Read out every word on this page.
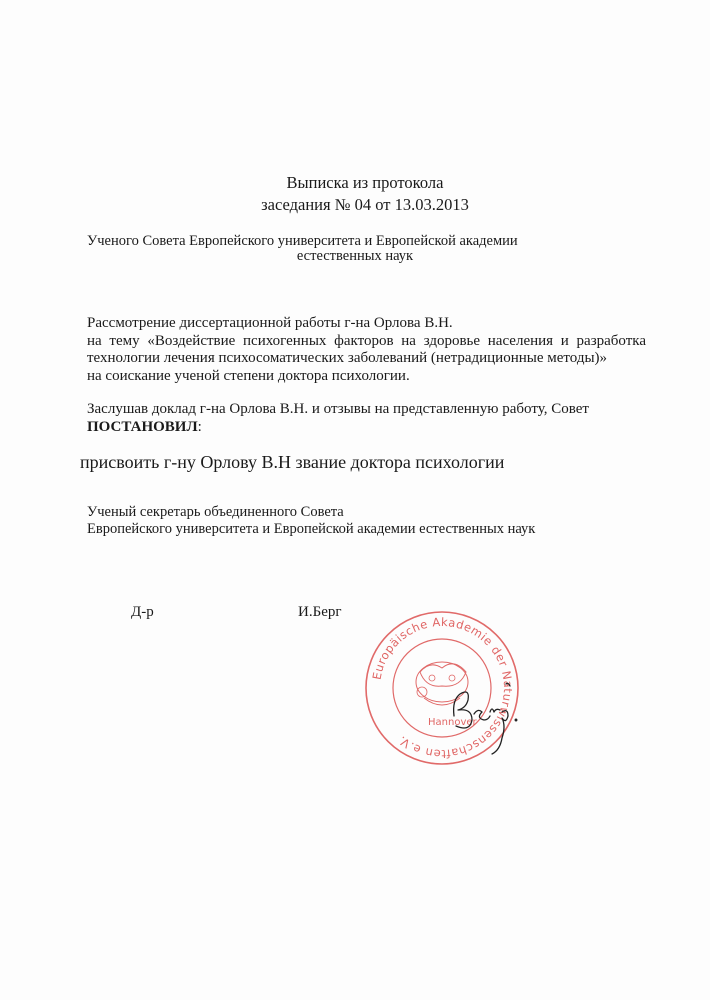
Выписка из протокола
заседания № 04 от 13.03.2013
Ученого Совета Европейского университета и Европейской академии
естественных наук
Рассмотрение диссертационной работы г-на Орлова В.Н.
на тему «Воздействие психогенных факторов на здоровье населения и разработка
технологии лечения психосоматических заболеваний (нетрадиционные методы)»
на соискание ученой степени доктора психологии.
Заслушав доклад г-на Орлова В.Н. и отзывы на представленную работу, Совет
ПОСТАНОВИЛ:
присвоить г-ну Орлову В.Н звание доктора психологии
Ученый секретарь объединенного Совета
Европейского университета и Европейской академии естественных наук
Д-р	И.Берг
Europäische Akademie der Naturwissenschaften e.V.
Hannover
